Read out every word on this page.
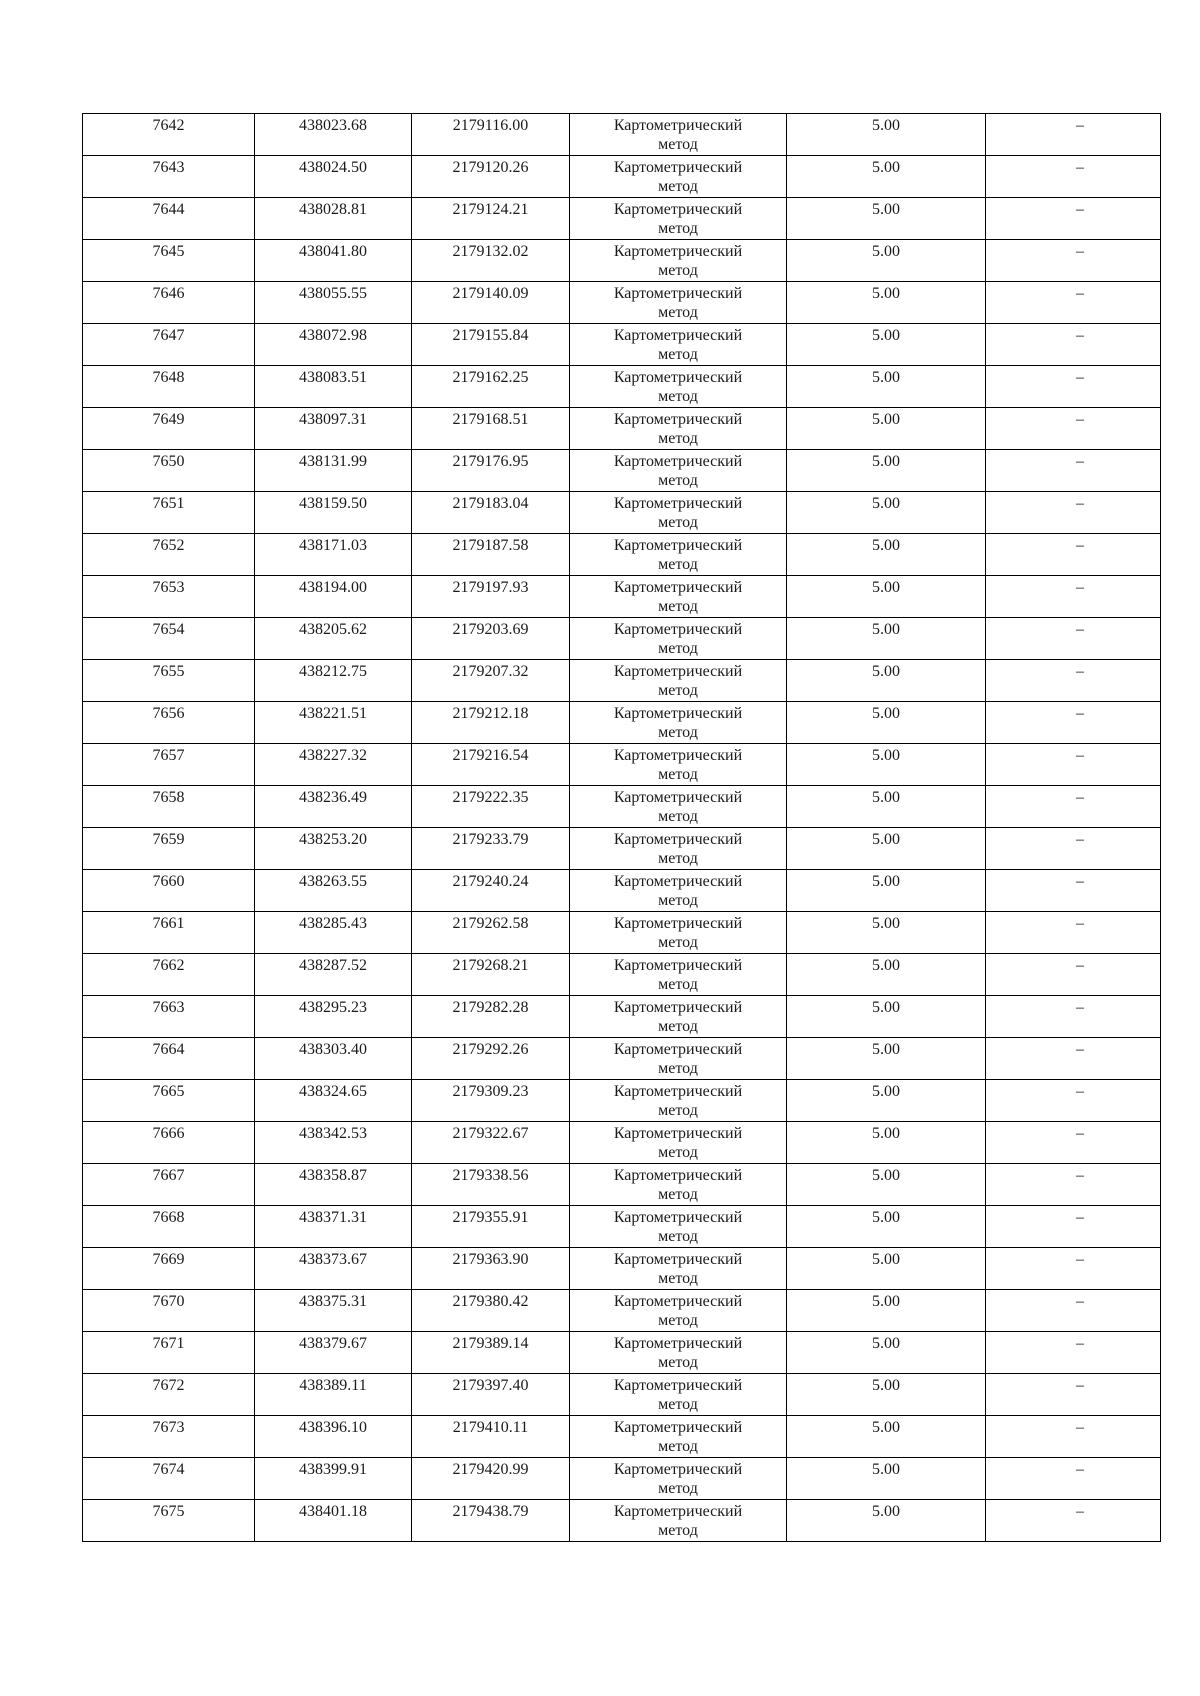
7642	438023.68	2179116.00	Картометрический
метод	5.00	–

7643	438024.50	2179120.26	Картометрический
метод	5.00	–

7644	438028.81	2179124.21	Картометрический
метод	5.00	–

7645	438041.80	2179132.02	Картометрический
метод	5.00	–

7646	438055.55	2179140.09	Картометрический
метод	5.00	–

7647	438072.98	2179155.84	Картометрический
метод	5.00	–

7648	438083.51	2179162.25	Картометрический
метод	5.00	–

7649	438097.31	2179168.51	Картометрический
метод	5.00	–

7650	438131.99	2179176.95	Картометрический
метод	5.00	–

7651	438159.50	2179183.04	Картометрический
метод	5.00	–

7652	438171.03	2179187.58	Картометрический
метод	5.00	–

7653	438194.00	2179197.93	Картометрический
метод	5.00	–

7654	438205.62	2179203.69	Картометрический
метод	5.00	–

7655	438212.75	2179207.32	Картометрический
метод	5.00	–

7656	438221.51	2179212.18	Картометрический
метод	5.00	–

7657	438227.32	2179216.54	Картометрический
метод	5.00	–

7658	438236.49	2179222.35	Картометрический
метод	5.00	–

7659	438253.20	2179233.79	Картометрический
метод	5.00	–

7660	438263.55	2179240.24	Картометрический
метод	5.00	–

7661	438285.43	2179262.58	Картометрический
метод	5.00	–

7662	438287.52	2179268.21	Картометрический
метод	5.00	–

7663	438295.23	2179282.28	Картометрический
метод	5.00	–

7664	438303.40	2179292.26	Картометрический
метод	5.00	–

7665	438324.65	2179309.23	Картометрический
метод	5.00	–

7666	438342.53	2179322.67	Картометрический
метод	5.00	–

7667	438358.87	2179338.56	Картометрический
метод	5.00	–

7668	438371.31	2179355.91	Картометрический
метод	5.00	–

7669	438373.67	2179363.90	Картометрический
метод	5.00	–

7670	438375.31	2179380.42	Картометрический
метод	5.00	–

7671	438379.67	2179389.14	Картометрический
метод	5.00	–

7672	438389.11	2179397.40	Картометрический
метод	5.00	–

7673	438396.10	2179410.11	Картометрический
метод	5.00	–

7674	438399.91	2179420.99	Картометрический
метод	5.00	–

7675	438401.18	2179438.79	Картометрический
метод	5.00	–
